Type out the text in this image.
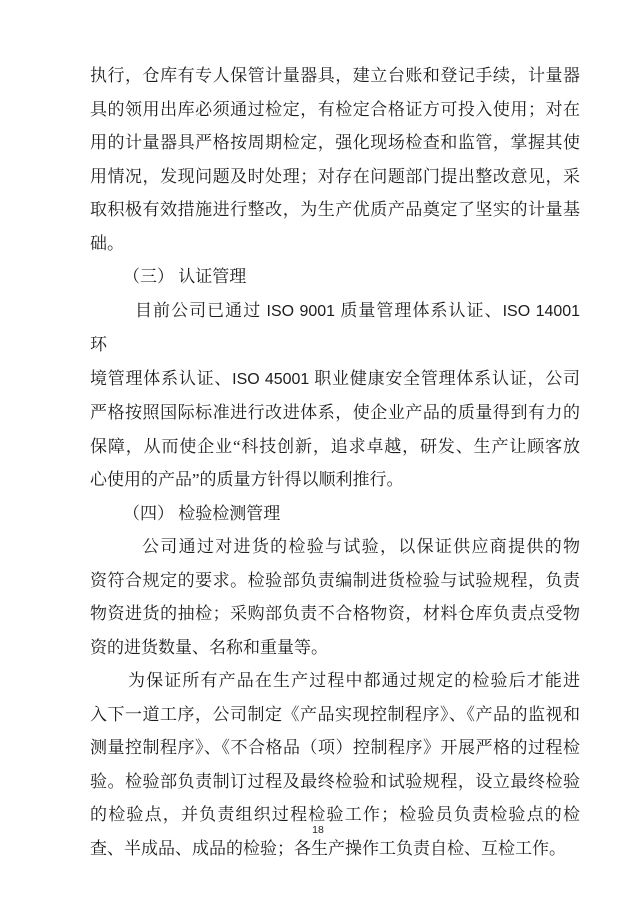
执行，仓库有专人保管计量器具，建立台账和登记手续，计量器
具的领用出库必须通过检定，有检定合格证方可投入使用；对在
用的计量器具严格按周期检定，强化现场检查和监管，掌握其使
用情况，发现问题及时处理；对存在问题部门提出整改意见，采
取积极有效措施进行整改，为生产优质产品奠定了坚实的计量基
础。
（三） 认证管理
目前公司已通过 ISO 9001 质量管理体系认证、ISO 14001 环
境管理体系认证、ISO 45001 职业健康安全管理体系认证，公司
严格按照国际标准进行改进体系，使企业产品的质量得到有力的
保障，从而使企业“科技创新，追求卓越，研发、生产让顾客放
心使用的产品”的质量方针得以顺利推行。
（四） 检验检测管理
公司通过对进货的检验与试验，以保证供应商提供的物
资符合规定的要求。检验部负责编制进货检验与试验规程，负责
物资进货的抽检；采购部负责不合格物资，材料仓库负责点受物
资的进货数量、名称和重量等。
为保证所有产品在生产过程中都通过规定的检验后才能进
入下一道工序，公司制定《产品实现控制程序》、《产品的监视和
测量控制程序》、《不合格品（项）控制程序》开展严格的过程检
验。检验部负责制订过程及最终检验和试验规程，设立最终检验
的检验点，并负责组织过程检验工作；检验员负责检验点的检
查、半成品、成品的检验；各生产操作工负责自检、互检工作。
18
